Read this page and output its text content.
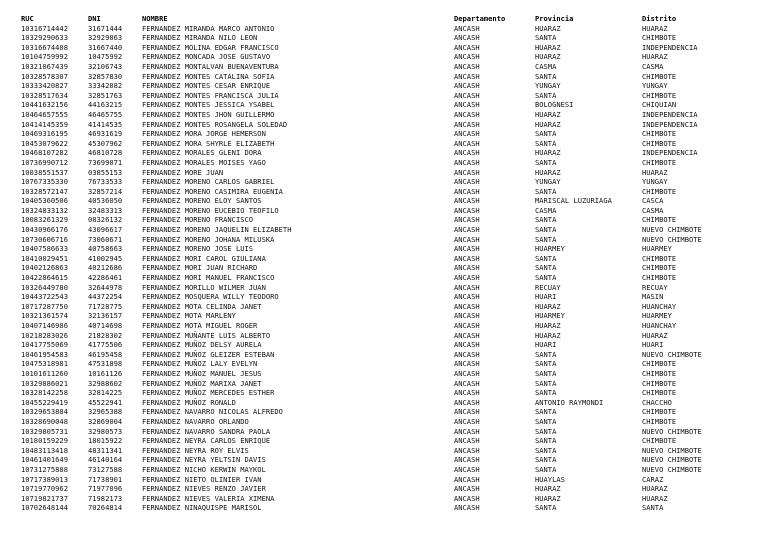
RUC	DNI	NOMBRE	Departamento	Provincia	Distrito
10316714442	31671444	FERNANDEZ MIRANDA MARCO ANTONIO	ANCASH	HUARAZ	HUARAZ
10329290633	32929063	FERNANDEZ MIRANDA NILO LEON	ANCASH	SANTA	CHIMBOTE
10316674408	31667440	FERNANDEZ MOLINA EDGAR FRANCISCO	ANCASH	HUARAZ	INDEPENDENCIA
10104759992	10475992	FERNANDEZ MONCADA JOSE GUSTAVO	ANCASH	HUARAZ	HUARAZ
10321067439	32106743	FERNANDEZ MONTALVAN BUENAVENTURA	ANCASH	CASMA	CASMA
10328578307	32857830	FERNANDEZ MONTES CATALINA SOFIA	ANCASH	SANTA	CHIMBOTE
10333420827	33342082	FERNANDEZ MONTES CESAR ENRIQUE	ANCASH	YUNGAY	YUNGAY
10328517634	32851763	FERNANDEZ MONTES FRANCISCA JULIA	ANCASH	SANTA	CHIMBOTE
10441632156	44163215	FERNANDEZ MONTES JESSICA YSABEL	ANCASH	BOLOGNESI	CHIQUIAN
10464657555	46465755	FERNANDEZ MONTES JHON GUILLERMO	ANCASH	HUARAZ	INDEPENDENCIA
10414145359	41414535	FERNANDEZ MONTES ROSANGELA SOLEDAD	ANCASH	HUARAZ	INDEPENDENCIA
10469316195	46931619	FERNANDEZ MORA JORGE HEMERSON	ANCASH	SANTA	CHIMBOTE
10453079622	45307962	FERNANDEZ MORA SHYRLE ELIZABETH	ANCASH	SANTA	CHIMBOTE
10468107282	46810728	FERNANDEZ MORALES GLENI DORA	ANCASH	HUARAZ	INDEPENDENCIA
10736990712	73699071	FERNANDEZ MORALES MOISES YAGO	ANCASH	SANTA	CHIMBOTE
10038551537	03855153	FERNANDEZ MORE JUAN	ANCASH	HUARAZ	HUARAZ
10767335330	76733533	FERNANDEZ MORENO CARLOS GABRIEL	ANCASH	YUNGAY	YUNGAY
10328572147	32857214	FERNANDEZ MORENO CASIMIRA EUGENIA	ANCASH	SANTA	CHIMBOTE
10405360506	40536050	FERNANDEZ MORENO ELOY SANTOS	ANCASH	MARISCAL LUZURIAGA	CASCA
10324833132	32483313	FERNANDEZ MORENO EUCEBIO TEOFILO	ANCASH	CASMA	CASMA
10083261329	08326132	FERNANDEZ MORENO FRANCISCO	ANCASH	SANTA	CHIMBOTE
10430966176	43096617	FERNANDEZ MORENO JAQUELIN ELIZABETH	ANCASH	SANTA	NUEVO CHIMBOTE
10730606716	73060671	FERNANDEZ MORENO JOHANA MILUSKA	ANCASH	SANTA	NUEVO CHIMBOTE
10407586633	40758663	FERNANDEZ MORENO JOSE LUIS	ANCASH	HUARMEY	HUARMEY
10410029451	41002945	FERNANDEZ MORI CAROL GIULIANA	ANCASH	SANTA	CHIMBOTE
10402126863	40212686	FERNANDEZ MORI JUAN RICHARD	ANCASH	SANTA	CHIMBOTE
10422864615	42286461	FERNANDEZ MORI MANUEL FRANCISCO	ANCASH	SANTA	CHIMBOTE
10326449780	32644978	FERNANDEZ MORILLO WILMER JUAN	ANCASH	RECUAY	RECUAY
10443722543	44372254	FERNANDEZ MOSQUERA WILLY TEODORO	ANCASH	HUARI	MASIN
10717287750	71728775	FERNANDEZ MOTA CELINDA JANET	ANCASH	HUARAZ	HUANCHAY
10321361574	32136157	FERNANDEZ MOTA MARLENY	ANCASH	HUARMEY	HUARMEY
10407146986	40714698	FERNANDEZ MOTA MIGUEL ROGER	ANCASH	HUARAZ	HUANCHAY
10218283026	21828302	FERNANDEZ MUÑANTE LUIS ALBERTO	ANCASH	HUARAZ	HUARAZ
10417755069	41775506	FERNANDEZ MUÑOZ DELSY AURELA	ANCASH	HUARI	HUARI
10461954583	46195458	FERNANDEZ MUÑOZ GLEIZER ESTEBAN	ANCASH	SANTA	NUEVO CHIMBOTE
10475318981	47531898	FERNANDEZ MUÑOZ LALY EVELYN	ANCASH	SANTA	CHIMBOTE
10101611260	10161126	FERNANDEZ MUÑOZ MANUEL JESUS	ANCASH	SANTA	CHIMBOTE
10329886021	32988602	FERNANDEZ MUÑOZ MARIXA JANET	ANCASH	SANTA	CHIMBOTE
10328142258	32814225	FERNANDEZ MUÑOZ MERCEDES ESTHER	ANCASH	SANTA	CHIMBOTE
10455229419	45522941	FERNANDEZ MUÑOZ RONALD	ANCASH	ANTONIO RAYMONDI	CHACCHO
10329653884	32965388	FERNANDEZ NAVARRO NICOLAS ALFREDO	ANCASH	SANTA	CHIMBOTE
10328690048	32869004	FERNANDEZ NAVARRO ORLANDO	ANCASH	SANTA	CHIMBOTE
10329805731	32980573	FERNANDEZ NAVARRO SANDRA PAOLA	ANCASH	SANTA	NUEVO CHIMBOTE
10180159229	18015922	FERNANDEZ NEYRA CARLOS ENRIQUE	ANCASH	SANTA	CHIMBOTE
10483113418	48311341	FERNANDEZ NEYRA ROY ELVIS	ANCASH	SANTA	NUEVO CHIMBOTE
10461401649	46140164	FERNANDEZ NEYRA YELTSIN DAVIS	ANCASH	SANTA	NUEVO CHIMBOTE
10731275888	73127588	FERNANDEZ NICHO KERWIN MAYKOL	ANCASH	SANTA	NUEVO CHIMBOTE
10717389013	71738901	FERNANDEZ NIETO OLINIER IVAN	ANCASH	HUAYLAS	CARAZ
10719770962	71977096	FERNANDEZ NIEVES RENZO JAVIER	ANCASH	HUARAZ	HUARAZ
10719821737	71982173	FERNANDEZ NIEVES VALERIA XIMENA	ANCASH	HUARAZ	HUARAZ
10702648144	70264814	FERNANDEZ NINAQUISPE MARISOL	ANCASH	SANTA	SANTA
